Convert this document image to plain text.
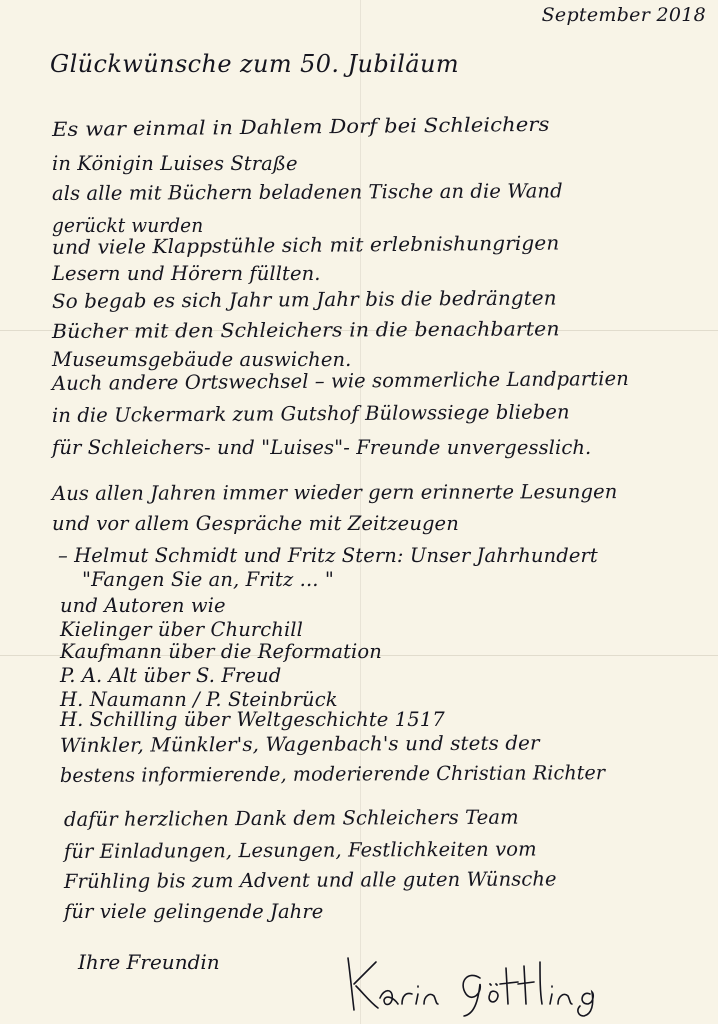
September 2018
Glückwünsche zum 50. Jubiläum
Es war einmal in Dahlem Dorf bei Schleichers
in Königin Luises Straße
als alle mit Büchern beladenen Tische an die Wand
gerückt wurden
und viele Klappstühle sich mit erlebnishungrigen
Lesern und Hörern füllten.
So begab es sich Jahr um Jahr bis die bedrängten
Bücher mit den Schleichers in die benachbarten
Museumsgebäude auswichen.
Auch andere Ortswechsel – wie sommerliche Landpartien
in die Uckermark zum Gutshof Bülowssiege blieben
für Schleichers- und "Luises"- Freunde unvergesslich.
Aus allen Jahren immer wieder gern erinnerte Lesungen
und vor allem Gespräche mit Zeitzeugen
– Helmut Schmidt und Fritz Stern: Unser Jahrhundert
"Fangen Sie an, Fritz ... "
und Autoren wie
Kielinger über Churchill
Kaufmann über die Reformation
P. A. Alt über S. Freud
H. Naumann / P. Steinbrück
H. Schilling über Weltgeschichte 1517
Winkler, Münkler's, Wagenbach's und stets der
bestens informierende, moderierende Christian Richter
dafür herzlichen Dank dem Schleichers Team
für Einladungen, Lesungen, Festlichkeiten vom
Frühling bis zum Advent und alle guten Wünsche
für viele gelingende Jahre
Ihre Freundin
